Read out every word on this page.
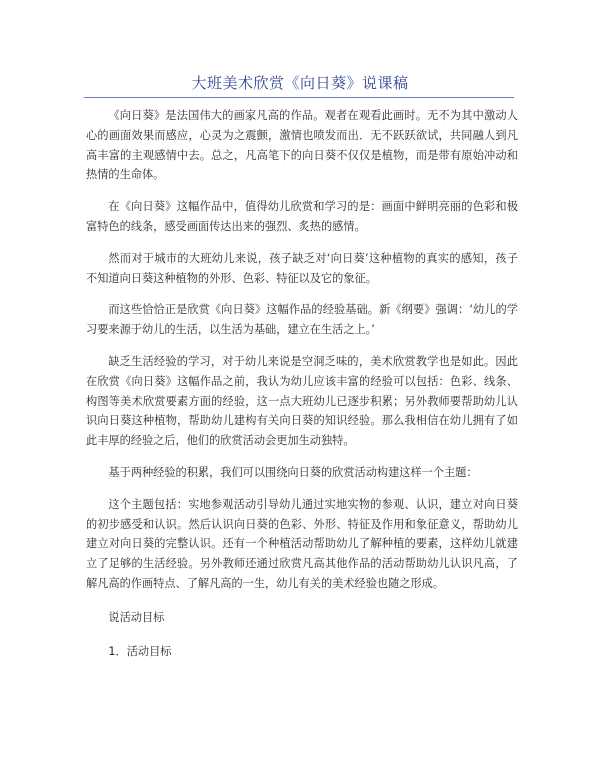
大班美术欣赏《向日葵》说课稿

《向日葵》是法国伟大的画家凡高的作品。观者在观看此画时。无不为其中激动人心的画面效果而感应，心灵为之震颤，激情也喷发而出．无不跃跃欲试，共同融人到凡高丰富的主观感情中去。总之，凡高笔下的向日葵不仅仅是植物，而是带有原始冲动和热情的生命体。

在《向日葵》这幅作品中，值得幼儿欣赏和学习的是：画面中鲜明亮丽的色彩和极富特色的线条，感受画面传达出来的强烈、炙热的感情。

然而对于城市的大班幼儿来说，孩子缺乏对‘向日葵’这种植物的真实的感知，孩子不知道向日葵这种植物的外形、色彩、特征以及它的象征。

而这些恰恰正是欣赏《向日葵》这幅作品的经验基础。新《纲要》强调：‘幼儿的学习要来源于幼儿的生活，以生活为基础，建立在生活之上。’

缺乏生活经验的学习，对于幼儿来说是空洞乏味的，美术欣赏教学也是如此。因此在欣赏《向日葵》这幅作品之前，我认为幼儿应该丰富的经验可以包括：色彩、线条、构图等美术欣赏要素方面的经验，这一点大班幼儿已逐步积累；另外教师要帮助幼儿认识向日葵这种植物，帮助幼儿建构有关向日葵的知识经验。那么我相信在幼儿拥有了如此丰厚的经验之后，他们的欣赏活动会更加生动独特。

基于两种经验的积累，我们可以围绕向日葵的欣赏活动构建这样一个主题：

这个主题包括：实地参观活动引导幼儿通过实地实物的参观、认识，建立对向日葵的初步感受和认识。然后认识向日葵的色彩、外形、特征及作用和象征意义，帮助幼儿建立对向日葵的完整认识。还有一个种植活动帮助幼儿了解种植的要素，这样幼儿就建立了足够的生活经验。另外教师还通过欣赏凡高其他作品的活动帮助幼儿认识凡高，了解凡高的作画特点、了解凡高的一生，幼儿有关的美术经验也随之形成。

说活动目标

1．活动目标
